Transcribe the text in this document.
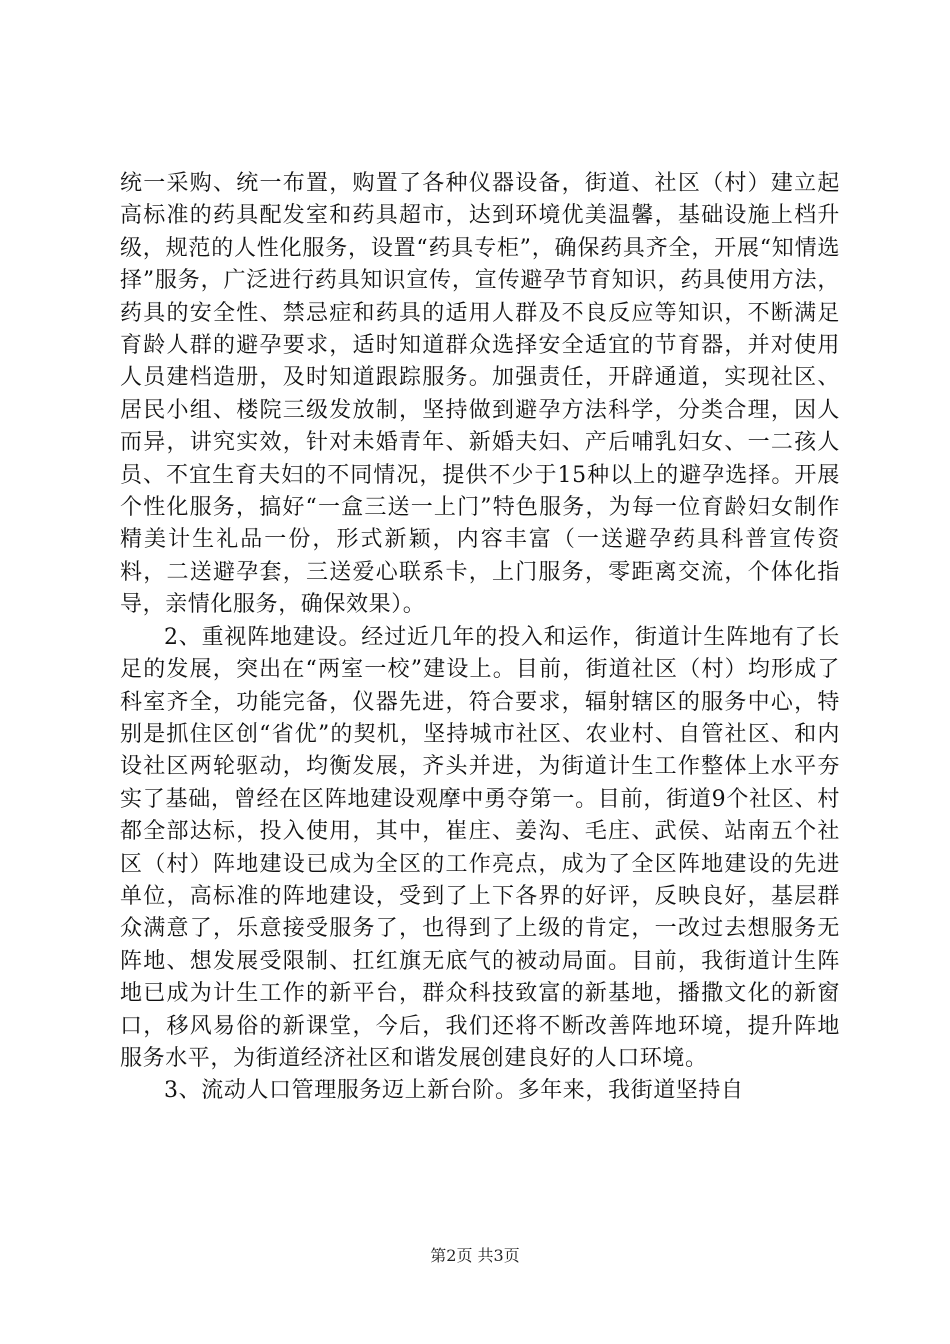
统一采购、统一布置，购置了各种仪器设备，街道、社区（村）建立起高标准的药具配发室和药具超市，达到环境优美温馨，基础设施上档升级，规范的人性化服务，设置“药具专柜”，确保药具齐全，开展“知情选择”服务，广泛进行药具知识宣传，宣传避孕节育知识，药具使用方法，药具的安全性、禁忌症和药具的适用人群及不良反应等知识，不断满足育龄人群的避孕要求，适时知道群众选择安全适宜的节育器，并对使用人员建档造册，及时知道跟踪服务。加强责任，开辟通道，实现社区、居民小组、楼院三级发放制，坚持做到避孕方法科学，分类合理，因人而异，讲究实效，针对未婚青年、新婚夫妇、产后哺乳妇女、一二孩人员、不宜生育夫妇的不同情况，提供不少于15种以上的避孕选择。开展个性化服务，搞好“一盒三送一上门”特色服务，为每一位育龄妇女制作精美计生礼品一份，形式新颖，内容丰富（一送避孕药具科普宣传资料，二送避孕套，三送爱心联系卡，上门服务，零距离交流，个体化指导，亲情化服务，确保效果）。

2、重视阵地建设。经过近几年的投入和运作，街道计生阵地有了长足的发展，突出在“两室一校”建设上。目前，街道社区（村）均形成了科室齐全，功能完备，仪器先进，符合要求，辐射辖区的服务中心，特别是抓住区创“省优”的契机，坚持城市社区、农业村、自管社区、和内设社区两轮驱动，均衡发展，齐头并进，为街道计生工作整体上水平夯实了基础，曾经在区阵地建设观摩中勇夺第一。目前，街道9个社区、村都全部达标，投入使用，其中，崔庄、姜沟、毛庄、武侯、站南五个社区（村）阵地建设已成为全区的工作亮点，成为了全区阵地建设的先进单位，高标准的阵地建设，受到了上下各界的好评，反映良好，基层群众满意了，乐意接受服务了，也得到了上级的肯定，一改过去想服务无阵地、想发展受限制、扛红旗无底气的被动局面。目前，我街道计生阵地已成为计生工作的新平台，群众科技致富的新基地，播撒文化的新窗口，移风易俗的新课堂，今后，我们还将不断改善阵地环境，提升阵地服务水平，为街道经济社区和谐发展创建良好的人口环境。

3、流动人口管理服务迈上新台阶。多年来，我街道坚持自

第2页 共3页
